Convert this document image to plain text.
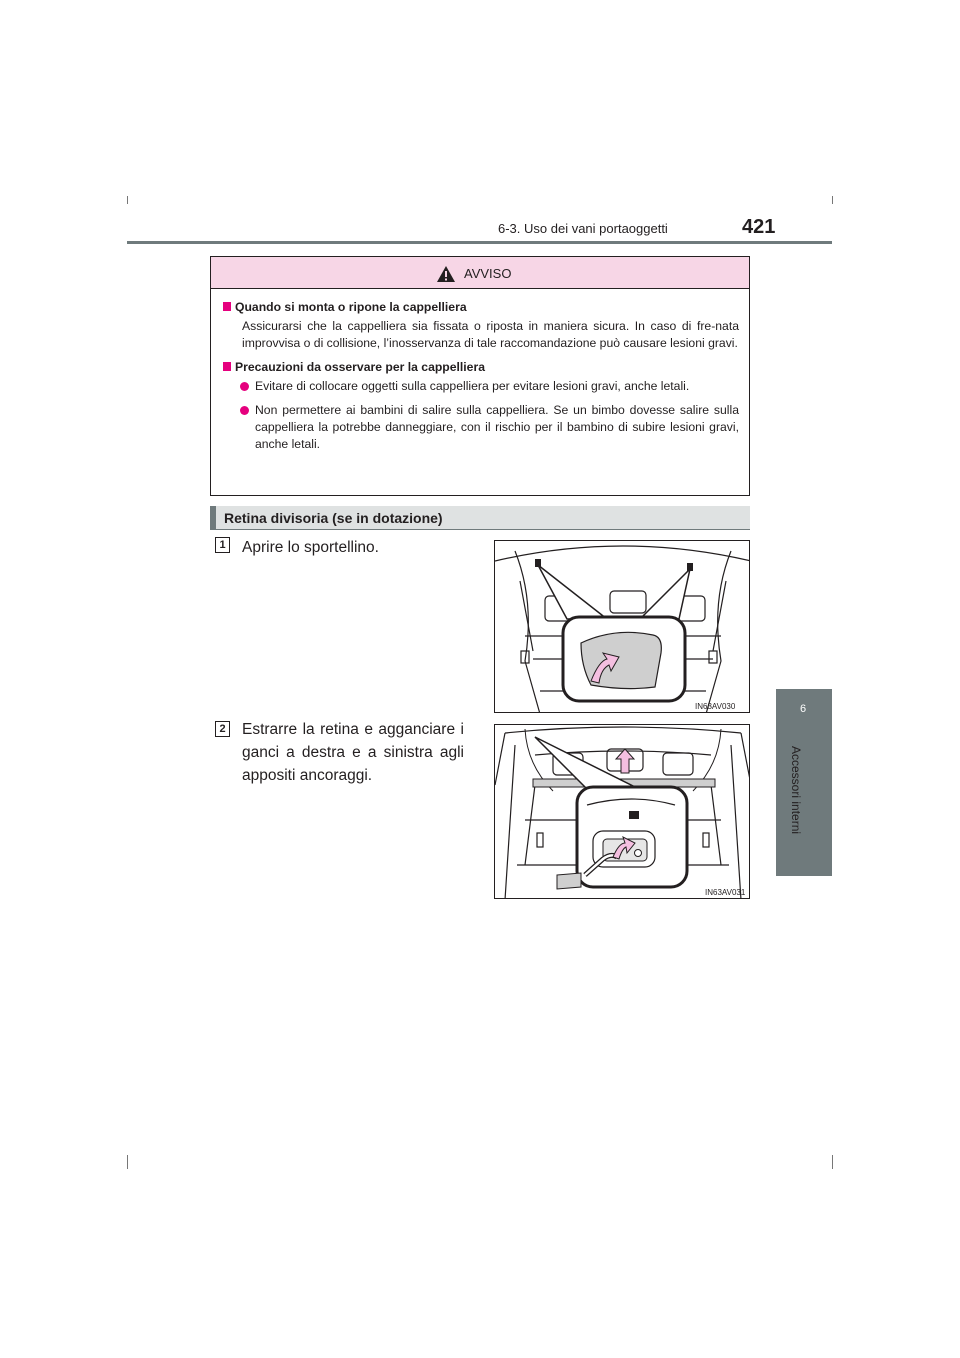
6-3. Uso dei vani portaoggetti	421
6
Accessori interni
AVVISO
Quando si monta o ripone la cappelliera
Assicurarsi che la cappelliera sia fissata o riposta in maniera sicura. In caso di fre-nata improvvisa o di collisione, l’inosservanza di tale raccomandazione può causare lesioni gravi.
Precauzioni da osservare per la cappelliera
Evitare di collocare oggetti sulla cappelliera per evitare lesioni gravi, anche letali.
Non permettere ai bambini di salire sulla cappelliera. Se un bimbo dovesse salire sulla cappelliera la potrebbe danneggiare, con il rischio per il bambino di subire lesioni gravi, anche letali.
Retina divisoria (se in dotazione)
1 Aprire lo sportellino.
IN63AV030
2 Estrarre la retina e agganciare i ganci a destra e a sinistra agli appositi ancoraggi.
IN63AV031
